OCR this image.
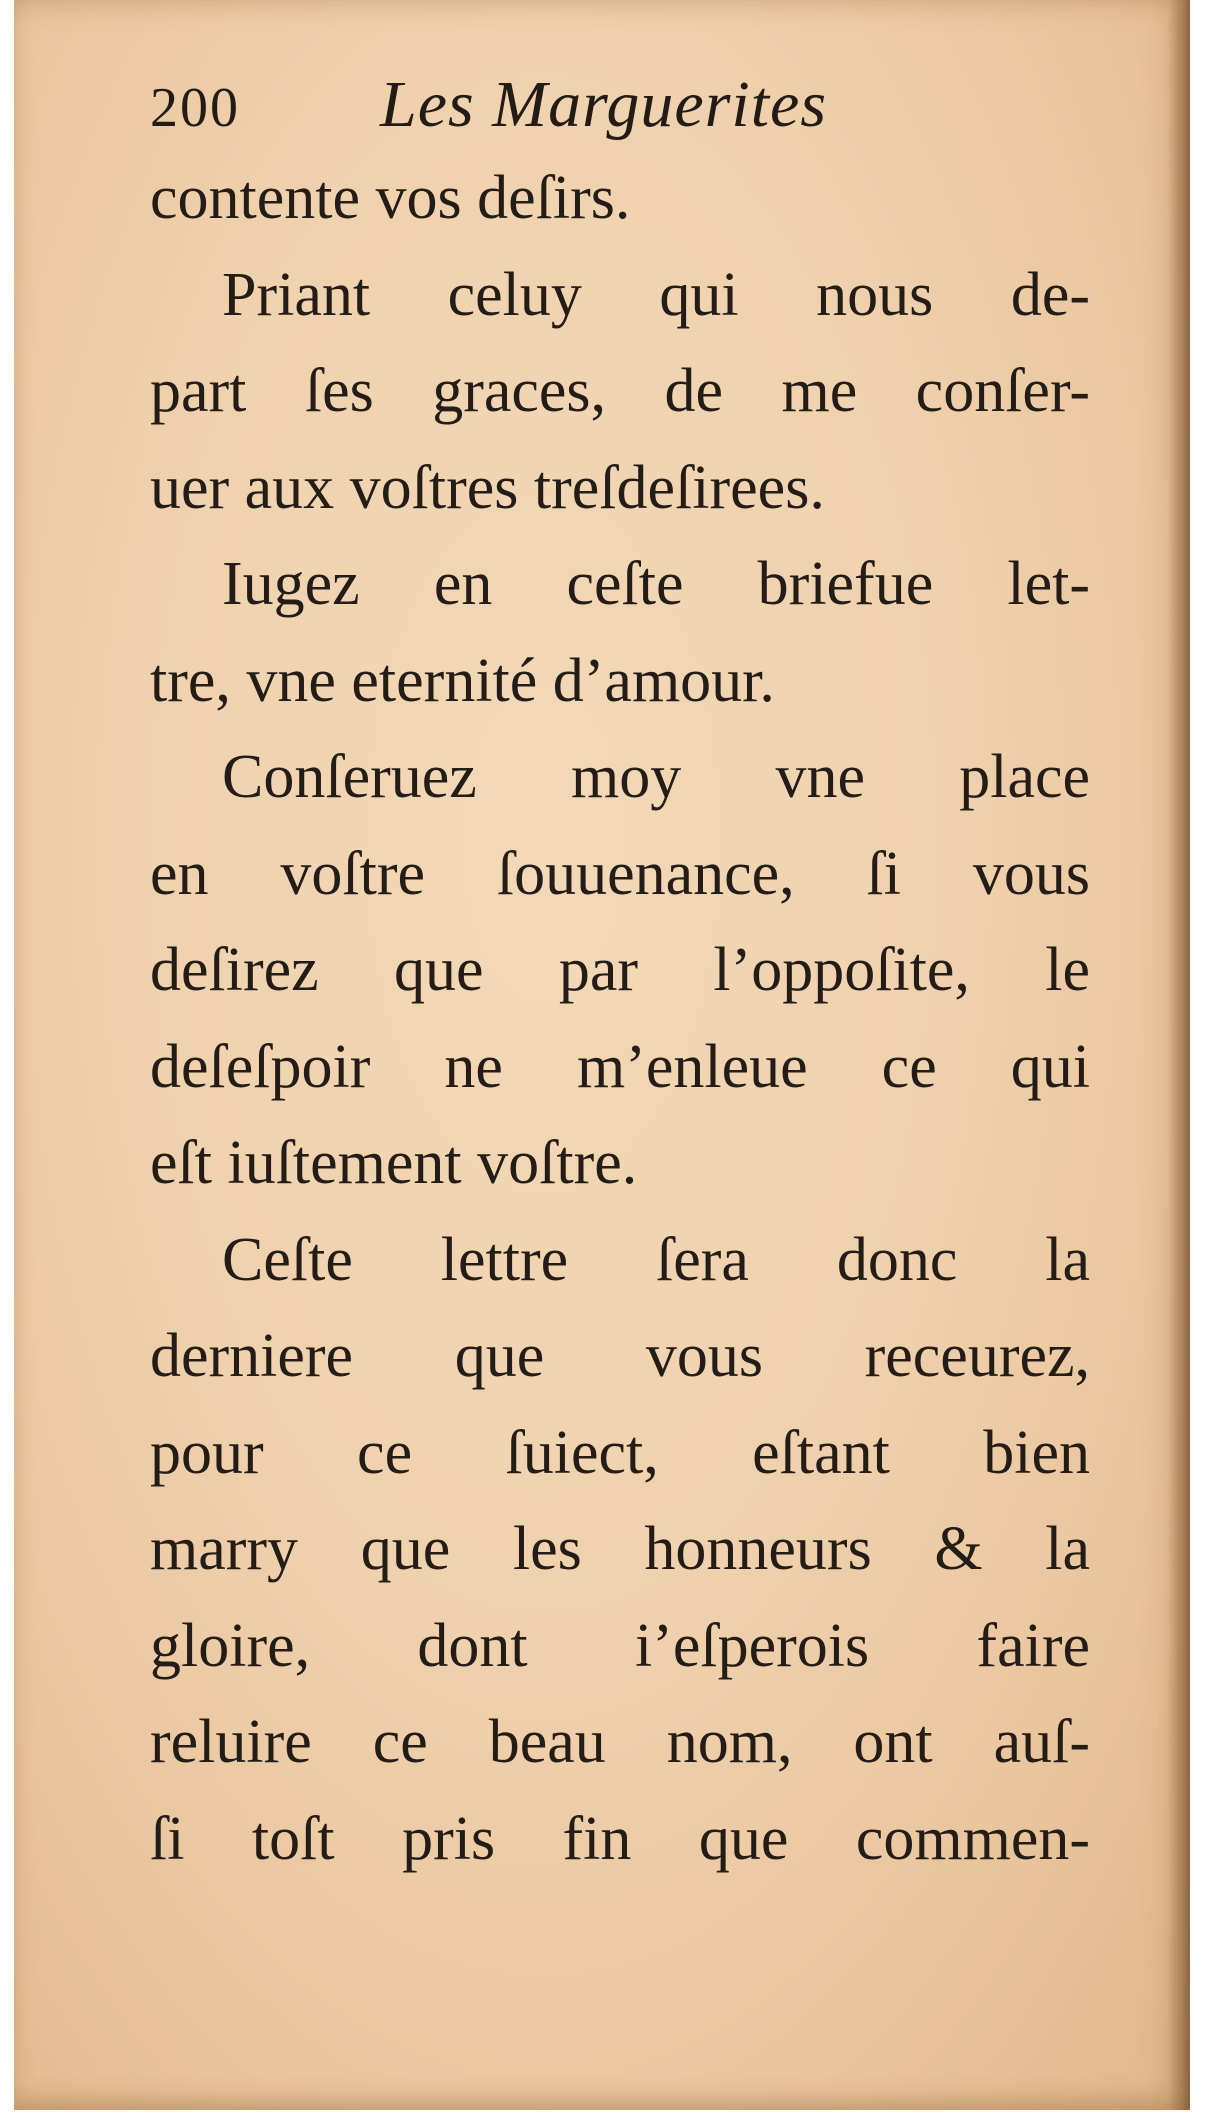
200 Les Marguerites
contente vos deſirs.
Priant celuy qui nous de-
part ſes graces, de me conſer-
uer aux voſtres treſdeſirees.
Iugez en ceſte briefue let-
tre, vne eternité d’amour.
Conſeruez moy vne place
en voſtre ſouuenance, ſi vous
deſirez que par l’oppoſite, le
deſeſpoir ne m’enleue ce qui
eſt iuſtement voſtre.
Ceſte lettre ſera donc la
derniere que vous receurez,
pour ce ſuiect, eſtant bien
marry que les honneurs & la
gloire, dont i’eſperois faire
reluire ce beau nom, ont auſ-
ſi toſt pris fin que commen-
